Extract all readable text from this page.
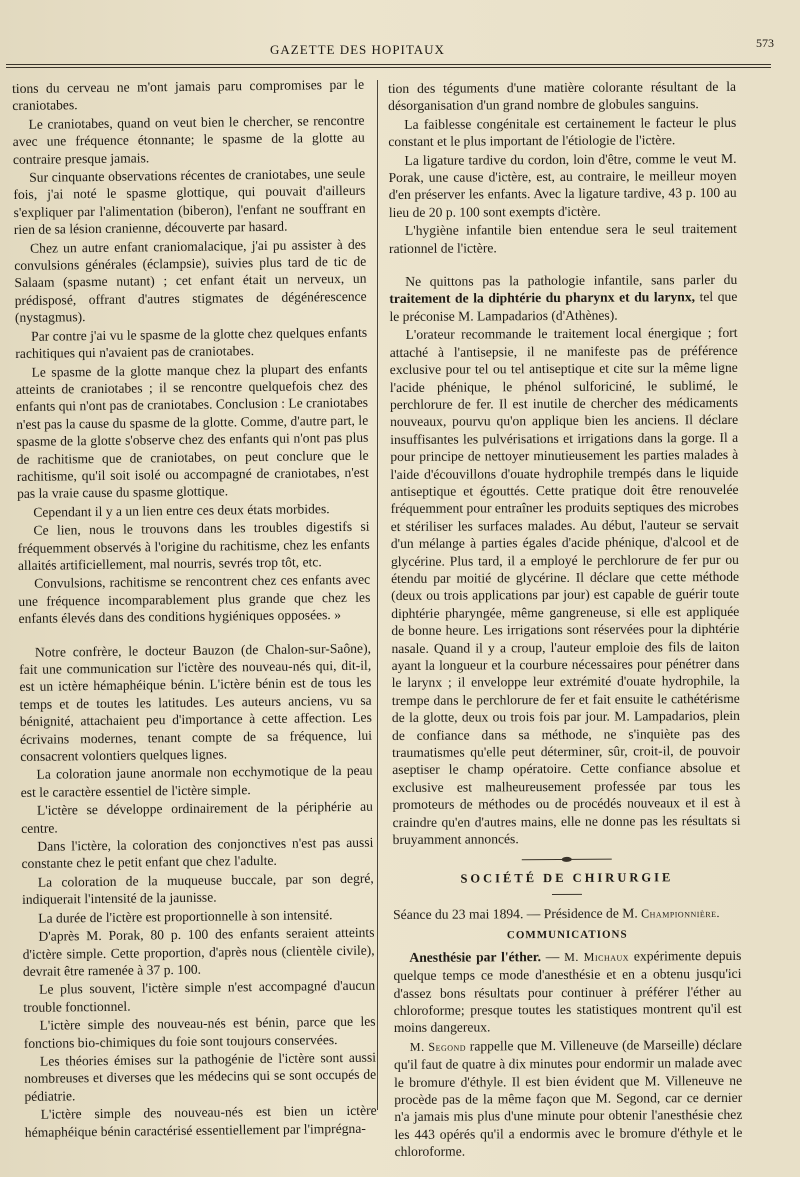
GAZETTE DES HOPITAUX	573

tions du cerveau ne m'ont jamais paru compromises par le craniotabes.

Le craniotabes, quand on veut bien le chercher, se rencontre avec une fréquence étonnante; le spasme de la glotte au contraire presque jamais.

Sur cinquante observations récentes de craniotabes, une seule fois, j'ai noté le spasme glottique, qui pouvait d'ailleurs s'expliquer par l'alimentation (biberon), l'enfant ne souffrant en rien de sa lésion cranienne, découverte par hasard.

Chez un autre enfant craniomalacique, j'ai pu assister à des convulsions générales (éclampsie), suivies plus tard de tic de Salaam (spasme nutant) ; cet enfant était un nerveux, un prédisposé, offrant d'autres stigmates de dégénérescence (nystagmus).

Par contre j'ai vu le spasme de la glotte chez quelques enfants rachitiques qui n'avaient pas de craniotabes.

Le spasme de la glotte manque chez la plupart des enfants atteints de craniotabes ; il se rencontre quelquefois chez des enfants qui n'ont pas de craniotabes. Conclusion : Le craniotabes n'est pas la cause du spasme de la glotte. Comme, d'autre part, le spasme de la glotte s'observe chez des enfants qui n'ont pas plus de rachitisme que de craniotabes, on peut conclure que le rachitisme, qu'il soit isolé ou accompagné de craniotabes, n'est pas la vraie cause du spasme glottique.

Cependant il y a un lien entre ces deux états morbides.

Ce lien, nous le trouvons dans les troubles digestifs si fréquemment observés à l'origine du rachitisme, chez les enfants allaités artificiellement, mal nourris, sevrés trop tôt, etc.

Convulsions, rachitisme se rencontrent chez ces enfants avec une fréquence incomparablement plus grande que chez les enfants élevés dans des conditions hygiéniques opposées. »

Notre confrère, le docteur Bauzon (de Chalon-sur-Saône), fait une communication sur l'ictère des nouveau-nés qui, dit-il, est un ictère hémaphéique bénin. L'ictère bénin est de tous les temps et de toutes les latitudes. Les auteurs anciens, vu sa bénignité, attachaient peu d'importance à cette affection. Les écrivains modernes, tenant compte de sa fréquence, lui consacrent volontiers quelques lignes.

La coloration jaune anormale non ecchymotique de la peau est le caractère essentiel de l'ictère simple.

L'ictère se développe ordinairement de la périphérie au centre.

Dans l'ictère, la coloration des conjonctives n'est pas aussi constante chez le petit enfant que chez l'adulte.

La coloration de la muqueuse buccale, par son degré, indiquerait l'intensité de la jaunisse.

La durée de l'ictère est proportionnelle à son intensité.

D'après M. Porak, 80 p. 100 des enfants seraient atteints d'ictère simple. Cette proportion, d'après nous (clientèle civile), devrait être ramenée à 37 p. 100.

Le plus souvent, l'ictère simple n'est accompagné d'aucun trouble fonctionnel.

L'ictère simple des nouveau-nés est bénin, parce que les fonctions bio-chimiques du foie sont toujours conservées.

Les théories émises sur la pathogénie de l'ictère sont aussi nombreuses et diverses que les médecins qui se sont occupés de pédiatrie.

L'ictère simple des nouveau-nés est bien un ictère hémaphéique bénin caractérisé essentiellement par l'imprégna-

tion des téguments d'une matière colorante résultant de la désorganisation d'un grand nombre de globules sanguins.

La faiblesse congénitale est certainement le facteur le plus constant et le plus important de l'étiologie de l'ictère.

La ligature tardive du cordon, loin d'être, comme le veut M. Porak, une cause d'ictère, est, au contraire, le meilleur moyen d'en préserver les enfants. Avec la ligature tardive, 43 p. 100 au lieu de 20 p. 100 sont exempts d'ictère.

L'hygiène infantile bien entendue sera le seul traitement rationnel de l'ictère.

Ne quittons pas la pathologie infantile, sans parler du traitement de la diphtérie du pharynx et du larynx, tel que le préconise M. Lampadarios (d'Athènes).

L'orateur recommande le traitement local énergique ; fort attaché à l'antisepsie, il ne manifeste pas de préférence exclusive pour tel ou tel antiseptique et cite sur la même ligne l'acide phénique, le phénol sulforiciné, le sublimé, le perchlorure de fer. Il est inutile de chercher des médicaments nouveaux, pourvu qu'on applique bien les anciens. Il déclare insuffisantes les pulvérisations et irrigations dans la gorge. Il a pour principe de nettoyer minutieusement les parties malades à l'aide d'écouvillons d'ouate hydrophile trempés dans le liquide antiseptique et égouttés. Cette pratique doit être renouvelée fréquemment pour entraîner les produits septiques des microbes et stériliser les surfaces malades. Au début, l'auteur se servait d'un mélange à parties égales d'acide phénique, d'alcool et de glycérine. Plus tard, il a employé le perchlorure de fer pur ou étendu par moitié de glycérine. Il déclare que cette méthode (deux ou trois applications par jour) est capable de guérir toute diphtérie pharyngée, même gangreneuse, si elle est appliquée de bonne heure. Les irrigations sont réservées pour la diphtérie nasale. Quand il y a croup, l'auteur emploie des fils de laiton ayant la longueur et la courbure nécessaires pour pénétrer dans le larynx ; il enveloppe leur extrémité d'ouate hydrophile, la trempe dans le perchlorure de fer et fait ensuite le cathétérisme de la glotte, deux ou trois fois par jour. M. Lampadarios, plein de confiance dans sa méthode, ne s'inquiète pas des traumatismes qu'elle peut déterminer, sûr, croit-il, de pouvoir aseptiser le champ opératoire. Cette confiance absolue et exclusive est malheureusement professée par tous les promoteurs de méthodes ou de procédés nouveaux et il est à craindre qu'en d'autres mains, elle ne donne pas les résultats si bruyamment annoncés.

SOCIÉTÉ DE CHIRURGIE

Séance du 23 mai 1894. — Présidence de M. Championnière.

COMMUNICATIONS

Anesthésie par l'éther. — M. Michaux expérimente depuis quelque temps ce mode d'anesthésie et en a obtenu jusqu'ici d'assez bons résultats pour continuer à préférer l'éther au chloroforme; presque toutes les statistiques montrent qu'il est moins dangereux.

M. Segond rappelle que M. Villeneuve (de Marseille) déclare qu'il faut de quatre à dix minutes pour endormir un malade avec le bromure d'éthyle. Il est bien évident que M. Villeneuve ne procède pas de la même façon que M. Segond, car ce dernier n'a jamais mis plus d'une minute pour obtenir l'anesthésie chez les 443 opérés qu'il a endormis avec le bromure d'éthyle et le chloroforme.
